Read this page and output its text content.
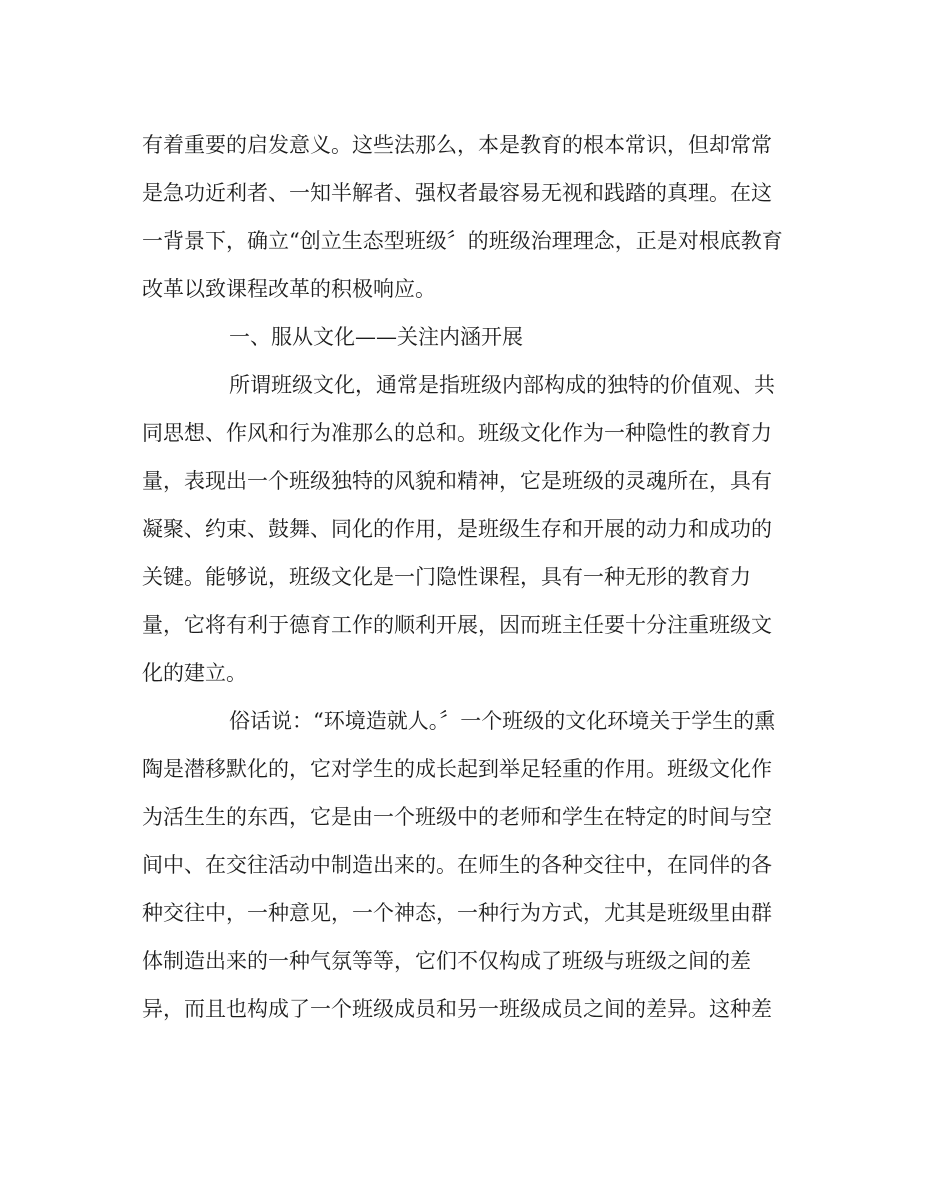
有着重要的启发意义。这些法那么，本是教育的根本常识，但却常常

是急功近利者、一知半解者、强权者最容易无视和践踏的真理。在这

一背景下，确立“创立生态型班级〞的班级治理理念，正是对根底教育

改革以致课程改革的积极响应。

一、服从文化——关注内涵开展

所谓班级文化，通常是指班级内部构成的独特的价值观、共

同思想、作风和行为准那么的总和。班级文化作为一种隐性的教育力

量，表现出一个班级独特的风貌和精神，它是班级的灵魂所在，具有

凝聚、约束、鼓舞、同化的作用，是班级生存和开展的动力和成功的

关键。能够说，班级文化是一门隐性课程，具有一种无形的教育力

量，它将有利于德育工作的顺利开展，因而班主任要十分注重班级文

化的建立。

俗话说：“环境造就人。〞一个班级的文化环境关于学生的熏

陶是潜移默化的，它对学生的成长起到举足轻重的作用。班级文化作

为活生生的东西，它是由一个班级中的老师和学生在特定的时间与空

间中、在交往活动中制造出来的。在师生的各种交往中，在同伴的各

种交往中，一种意见，一个神态，一种行为方式，尤其是班级里由群

体制造出来的一种气氛等等，它们不仅构成了班级与班级之间的差

异，而且也构成了一个班级成员和另一班级成员之间的差异。这种差
